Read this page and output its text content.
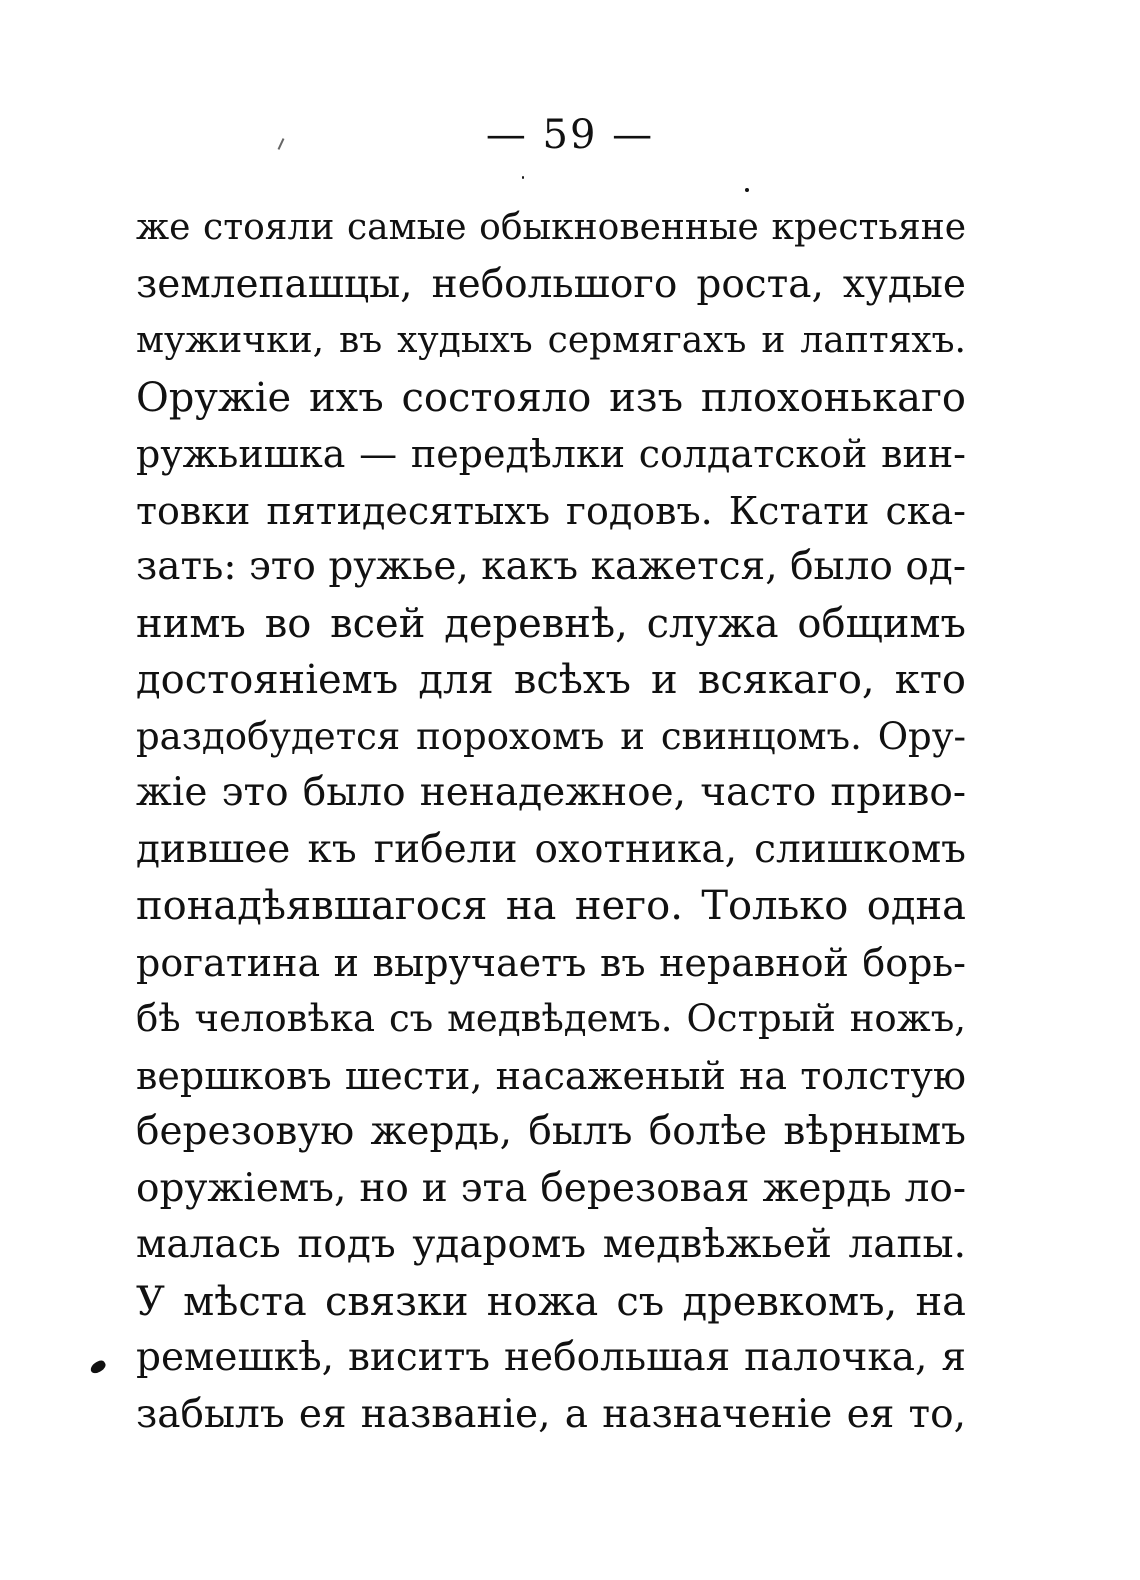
— 59 —
же стояли самые обыкновенные крестьяне
землепашцы, небольшого роста, худые
мужички, въ худыхъ сермягахъ и лаптяхъ.
Оружіе ихъ состояло изъ плохонькаго
ружьишка — передѣлки солдатской вин-
товки пятидесятыхъ годовъ. Кстати ска-
зать: это ружье, какъ кажется, было од-
нимъ во всей деревнѣ, служа общимъ
достояніемъ для всѣхъ и всякаго, кто
раздобудется порохомъ и свинцомъ. Ору-
жіе это было ненадежное, часто приво-
дившее къ гибели охотника, слишкомъ
понадѣявшагося на него. Только одна
рогатина и выручаетъ въ неравной борь-
бѣ человѣка съ медвѣдемъ. Острый ножъ,
вершковъ шести, насаженый на толстую
березовую жердь, былъ болѣе вѣрнымъ
оружіемъ, но и эта березовая жердь ло-
малась подъ ударомъ медвѣжьей лапы.
У мѣста связки ножа съ древкомъ, на
ремешкѣ, виситъ небольшая палочка, я
забылъ ея названіе, а назначеніе ея то,
